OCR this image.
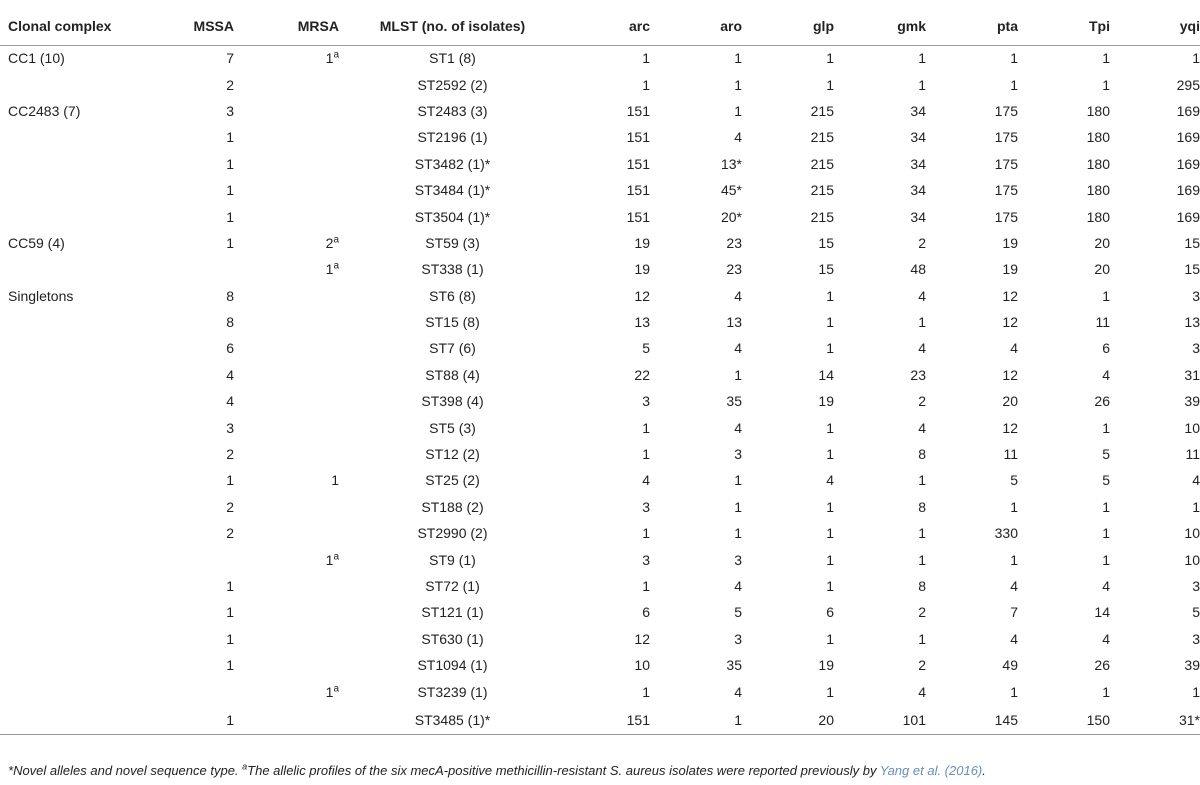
Clonal complex	MSSA	MRSA	MLST (no. of isolates)	arc	aro	glp	gmk	pta	Tpi	yqi
CC1 (10)	7	1$^a$	ST1 (8)	1	1	1	1	1	1	1
	2		ST2592 (2)	1	1	1	1	1	1	295
CC2483 (7)	3		ST2483 (3)	151	1	215	34	175	180	169
	1		ST2196 (1)	151	4	215	34	175	180	169
	1		ST3482 (1)*	151	13*	215	34	175	180	169
	1		ST3484 (1)*	151	45*	215	34	175	180	169
	1		ST3504 (1)*	151	20*	215	34	175	180	169
CC59 (4)	1	2$^a$	ST59 (3)	19	23	15	2	19	20	15
		1$^a$	ST338 (1)	19	23	15	48	19	20	15
Singletons	8		ST6 (8)	12	4	1	4	12	1	3
	8		ST15 (8)	13	13	1	1	12	11	13
	6		ST7 (6)	5	4	1	4	4	6	3
	4		ST88 (4)	22	1	14	23	12	4	31
	4		ST398 (4)	3	35	19	2	20	26	39
	3		ST5 (3)	1	4	1	4	12	1	10
	2		ST12 (2)	1	3	1	8	11	5	11
	1	1	ST25 (2)	4	1	4	1	5	5	4
	2		ST188 (2)	3	1	1	8	1	1	1
	2		ST2990 (2)	1	1	1	1	330	1	10
		1$^a$	ST9 (1)	3	3	1	1	1	1	10
	1		ST72 (1)	1	4	1	8	4	4	3
	1		ST121 (1)	6	5	6	2	7	14	5
	1		ST630 (1)	12	3	1	1	4	4	3
	1		ST1094 (1)	10	35	19	2	49	26	39
		1$^a$	ST3239 (1)	1	4	1	4	1	1	1
	1		ST3485 (1)*	151	1	20	101	145	150	31*
*Novel alleles and novel sequence type. $^a$The allelic profiles of the six mecA-positive methicillin-resistant S. aureus isolates were reported previously by Yang et al. (2016).
